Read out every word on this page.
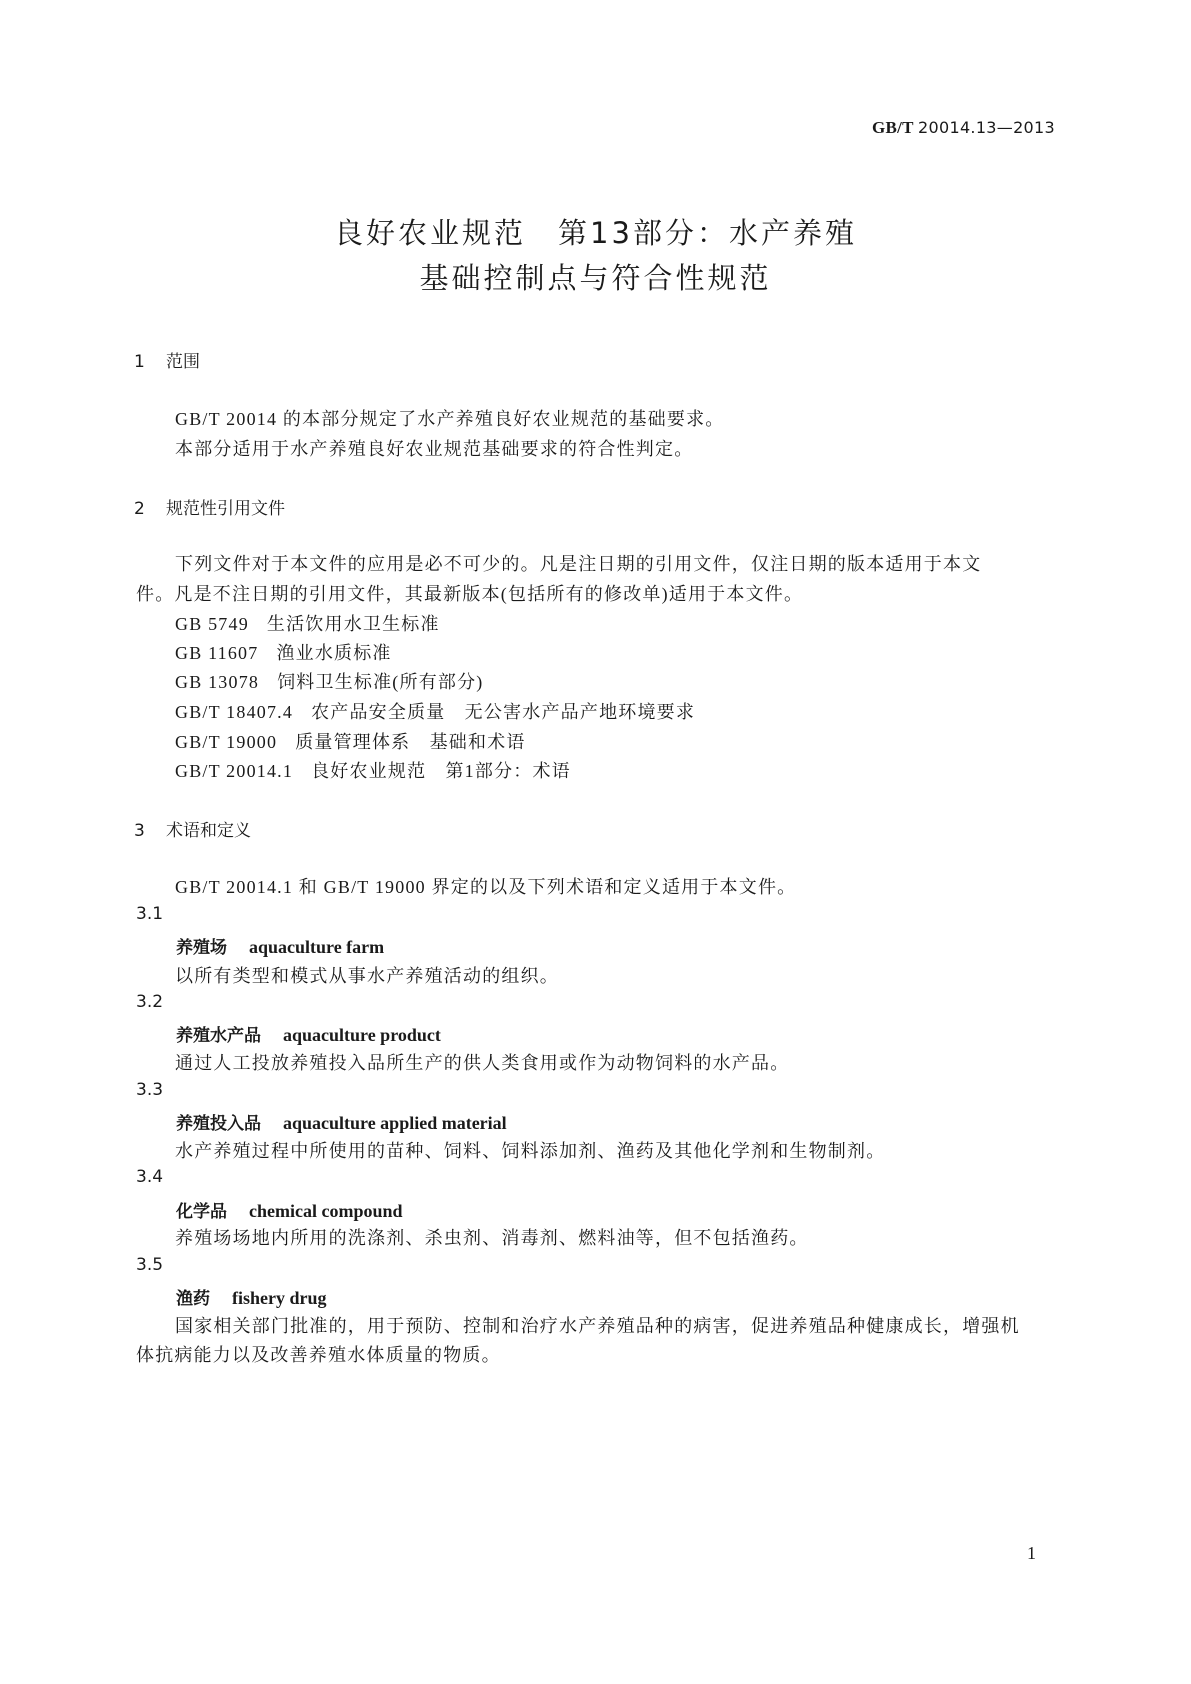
GB/T 20014.13—2013
良好农业规范　第13部分：水产养殖
基础控制点与符合性规范
1 范围
GB/T 20014 的本部分规定了水产养殖良好农业规范的基础要求。
本部分适用于水产养殖良好农业规范基础要求的符合性判定。
2 规范性引用文件
下列文件对于本文件的应用是必不可少的。凡是注日期的引用文件，仅注日期的版本适用于本文
件。凡是不注日期的引用文件，其最新版本(包括所有的修改单)适用于本文件。
GB 5749 生活饮用水卫生标准
GB 11607 渔业水质标准
GB 13078 饲料卫生标准(所有部分)
GB/T 18407.4 农产品安全质量　无公害水产品产地环境要求
GB/T 19000 质量管理体系　基础和术语
GB/T 20014.1 良好农业规范　第1部分：术语
3 术语和定义
GB/T 20014.1 和 GB/T 19000 界定的以及下列术语和定义适用于本文件。
3.1
养殖场 aquaculture farm
以所有类型和模式从事水产养殖活动的组织。
3.2
养殖水产品 aquaculture product
通过人工投放养殖投入品所生产的供人类食用或作为动物饲料的水产品。
3.3
养殖投入品 aquaculture applied material
水产养殖过程中所使用的苗种、饲料、饲料添加剂、渔药及其他化学剂和生物制剂。
3.4
化学品 chemical compound
养殖场场地内所用的洗涤剂、杀虫剂、消毒剂、燃料油等，但不包括渔药。
3.5
渔药 fishery drug
国家相关部门批准的，用于预防、控制和治疗水产养殖品种的病害，促进养殖品种健康成长，增强机
体抗病能力以及改善养殖水体质量的物质。
1
